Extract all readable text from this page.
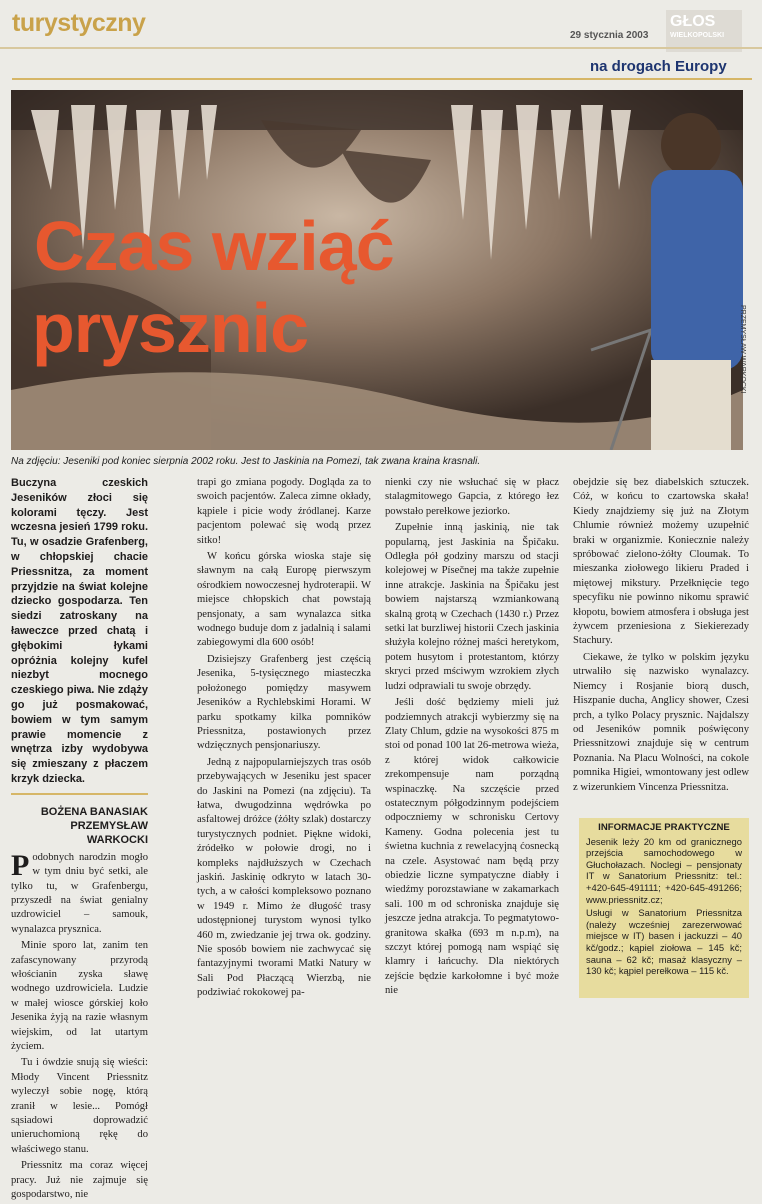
turystyczny	29 stycznia 2003
GŁOS
WIELKOPOLSKI
na drogach Europy
Czas wziąć
prysznic	PRZEMYSŁAW WARKOCKI
Na zdjęciu: Jeseniki pod koniec sierpnia 2002 roku. Jest to Jaskinia na Pomezi, tak zwana kraina krasnali.
Buczyna czeskich Jeseników złoci się kolorami tęczy. Jest wczesna jesień 1799 roku. Tu, w osadzie Grafenberg, w chłopskiej chacie Priessnitza, za moment przyjdzie na świat kolejne dziecko gospodarza. Ten siedzi zatroskany na ławeczce przed chatą i głębokimi łykami opróżnia kolejny kufel niezbyt mocnego czeskiego piwa. Nie zdąży go już posmakować, bowiem w tym samym prawie momencie z wnętrza izby wydobywa się zmieszany z płaczem krzyk dziecka.
BOŻENA BANASIAK
PRZEMYSŁAW WARKOCKI

Podobnych narodzin mogło w tym dniu być setki, ale tylko tu, w Grafenbergu, przyszedł na świat genialny uzdrowiciel – samouk, wynalazca prysznica.

Minie sporo lat, zanim ten zafascynowany przyrodą włościanin zyska sławę wodnego uzdrowiciela. Ludzie w małej wiosce górskiej koło Jesenika żyją na razie własnym wiejskim, od lat utartym życiem.

Tu i ówdzie snują się wieści: Młody Vincent Priessnitz wyleczył sobie nogę, którą zranił w lesie... Pomógł sąsiadowi doprowadzić unieruchomioną rękę do właściwego stanu.

Priessnitz ma coraz więcej pracy. Już nie zajmuje się gospodarstwo, nie

trapi go zmiana pogody. Dogląda za to swoich pacjentów. Zaleca zimne okłady, kąpiele i picie wody źródlanej. Karze pacjentom polewać się wodą przez sitko!

W końcu górska wioska staje się sławnym na całą Europę pierwszym ośrodkiem nowoczesnej hydroterapii. W miejsce chłopskich chat powstają pensjonaty, a sam wynalazca sitka wodnego buduje dom z jadalnią i salami zabiegowymi dla 600 osób!

Dzisiejszy Grafenberg jest częścią Jesenika, 5-tysięcznego miasteczka położonego pomiędzy masywem Jeseników a Rychlebskimi Horami. W parku spotkamy kilka pomników Priessnitza, postawionych przez wdzięcznych pensjonariuszy.

Jedną z najpopularniejszych tras osób przebywających w Jeseniku jest spacer do Jaskini na Pomezi (na zdjęciu). Ta łatwa, dwugodzinna wędrówka po asfaltowej dróżce (żółty szlak) dostarczy turystycznych podniet. Piękne widoki, źródełko w połowie drogi, no i kompleks najdłuższych w Czechach jaskiń. Jaskinię odkryto w latach 30-tych, a w całości kompleksowo poznano w 1949 r. Mimo że długość trasy udostępnionej turystom wynosi tylko 460 m, zwiedzanie jej trwa ok. godziny. Nie sposób bowiem nie zachwycać się fantazyjnymi tworami Matki Natury w Sali Pod Płaczącą Wierzbą, nie podziwiać rokokowej pa-

nienki czy nie wsłuchać się w płacz stalagmitowego Gapcia, z którego łez powstało perełkowe jeziorko.

Zupełnie inną jaskinią, nie tak popularną, jest Jaskinia na Špičaku. Odległa pół godziny marszu od stacji kolejowej w Písečnej ma także zupełnie inne atrakcje. Jaskinia na Špičaku jest bowiem najstarszą wzmiankowaną skalną grotą w Czechach (1430 r.) Przez setki lat burzliwej historii Czech jaskinia służyła kolejno różnej maści heretykom, potem husytom i protestantom, którzy skryci przed mściwym wzrokiem złych ludzi odprawiali tu swoje obrzędy.

Jeśli dość będziemy mieli już podziemnych atrakcji wybierzmy się na Zlaty Chlum, gdzie na wysokości 875 m stoi od ponad 100 lat 26-metrowa wieża, z której widok całkowicie zrekompensuje nam porządną wspinaczkę. Na szczęście przed ostatecznym półgodzinnym podejściem odpoczniemy w schronisku Certovy Kameny. Godna polecenia jest tu świetna kuchnia z rewelacyjną ćosnecką na czele. Asystować nam będą przy obiedzie liczne sympatyczne diabły i wiedźmy porozstawiane w zakamarkach sali. 100 m od schroniska znajduje się jeszcze jedna atrakcja. To pegmatytowo-granitowa skałka (693 m n.p.m), na szczyt której pomogą nam wspiąć się klamry i łańcuchy. Dla niektórych zejście będzie karkołomne i być może nie

obejdzie się bez diabelskich sztuczek. Cóż, w końcu to czartowska skała! Kiedy znajdziemy się już na Złotym Chlumie również możemy uzupełnić braki w organizmie. Koniecznie należy spróbować zielono-żółty Cloumak. To mieszanka ziołowego likieru Praded i miętowej mikstury. Przełknięcie tego specyfiku nie powinno nikomu sprawić kłopotu, bowiem atmosfera i obsługa jest żywcem przeniesiona z Siekierezady Stachury.

Ciekawe, że tylko w polskim języku utrwaliło się nazwisko wynalazcy. Niemcy i Rosjanie biorą dusch, Hiszpanie ducha, Anglicy shower, Czesi prch, a tylko Polacy prysznic. Najdalszy od Jeseników pomnik poświęcony Priessnitzowi znajduje się w centrum Poznania. Na Placu Wolności, na cokole pomnika Higiei, wmontowany jest odlew z wizerunkiem Vincenza Priessnitza.

INFORMACJE PRAKTYCZNE

Jesenik leży 20 km od granicznego przejścia samochodowego w Głuchołazach. Noclegi – pensjonaty IT w Sanatorium Priessnitz: tel.: +420-645-491111; +420-645-491266; www.priessnitz.cz;

Usługi w Sanatorium Priessnitza (należy wcześniej zarezerwować miejsce w IT) basen i jackuzzi – 40 kč/godz.; kąpiel ziołowa – 145 kč; sauna – 62 kč; masaż klasyczny – 130 kč; kąpiel perełkowa – 115 kč.
